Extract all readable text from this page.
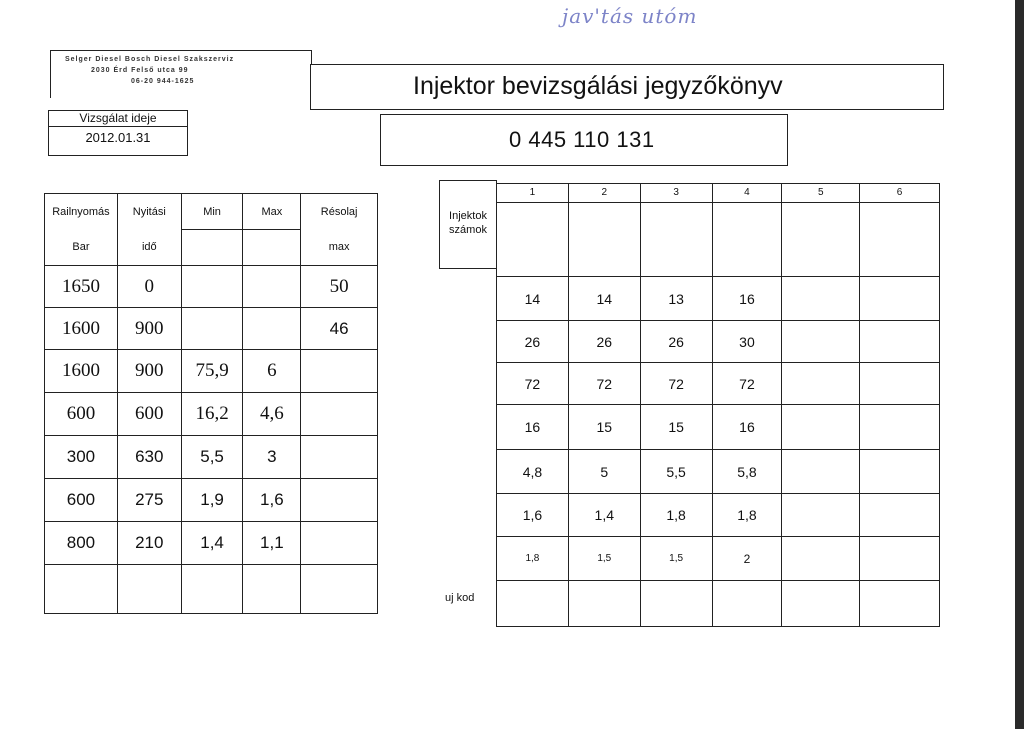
jav'tás utóm
Selger Diesel Bosch Diesel Szakszerviz
2030 Érd Felső utca 99
06-20 944-1625	Injektor bevizsgálási jegyzőkönyv
Vizsgálat ideje
2012.01.31	0 445 110 131
Railnyomás	Nyitási	Min	Max	Résolaj
Bar	idő			max
1650	0			50
1600	900			46
1600	900	75,9	6	
600	600	16,2	4,6	
300	630	5,5	3	
600	275	1,9	1,6	
800	210	1,4	1,1	

Injektok számok
1	2	3	4	5	6

14	14	13	16		
26	26	26	30		
72	72	72	72		
16	15	15	16		
4,8	5	5,5	5,8		
1,6	1,4	1,8	1,8		
1,8	1,5	1,5	2		

uj kod
